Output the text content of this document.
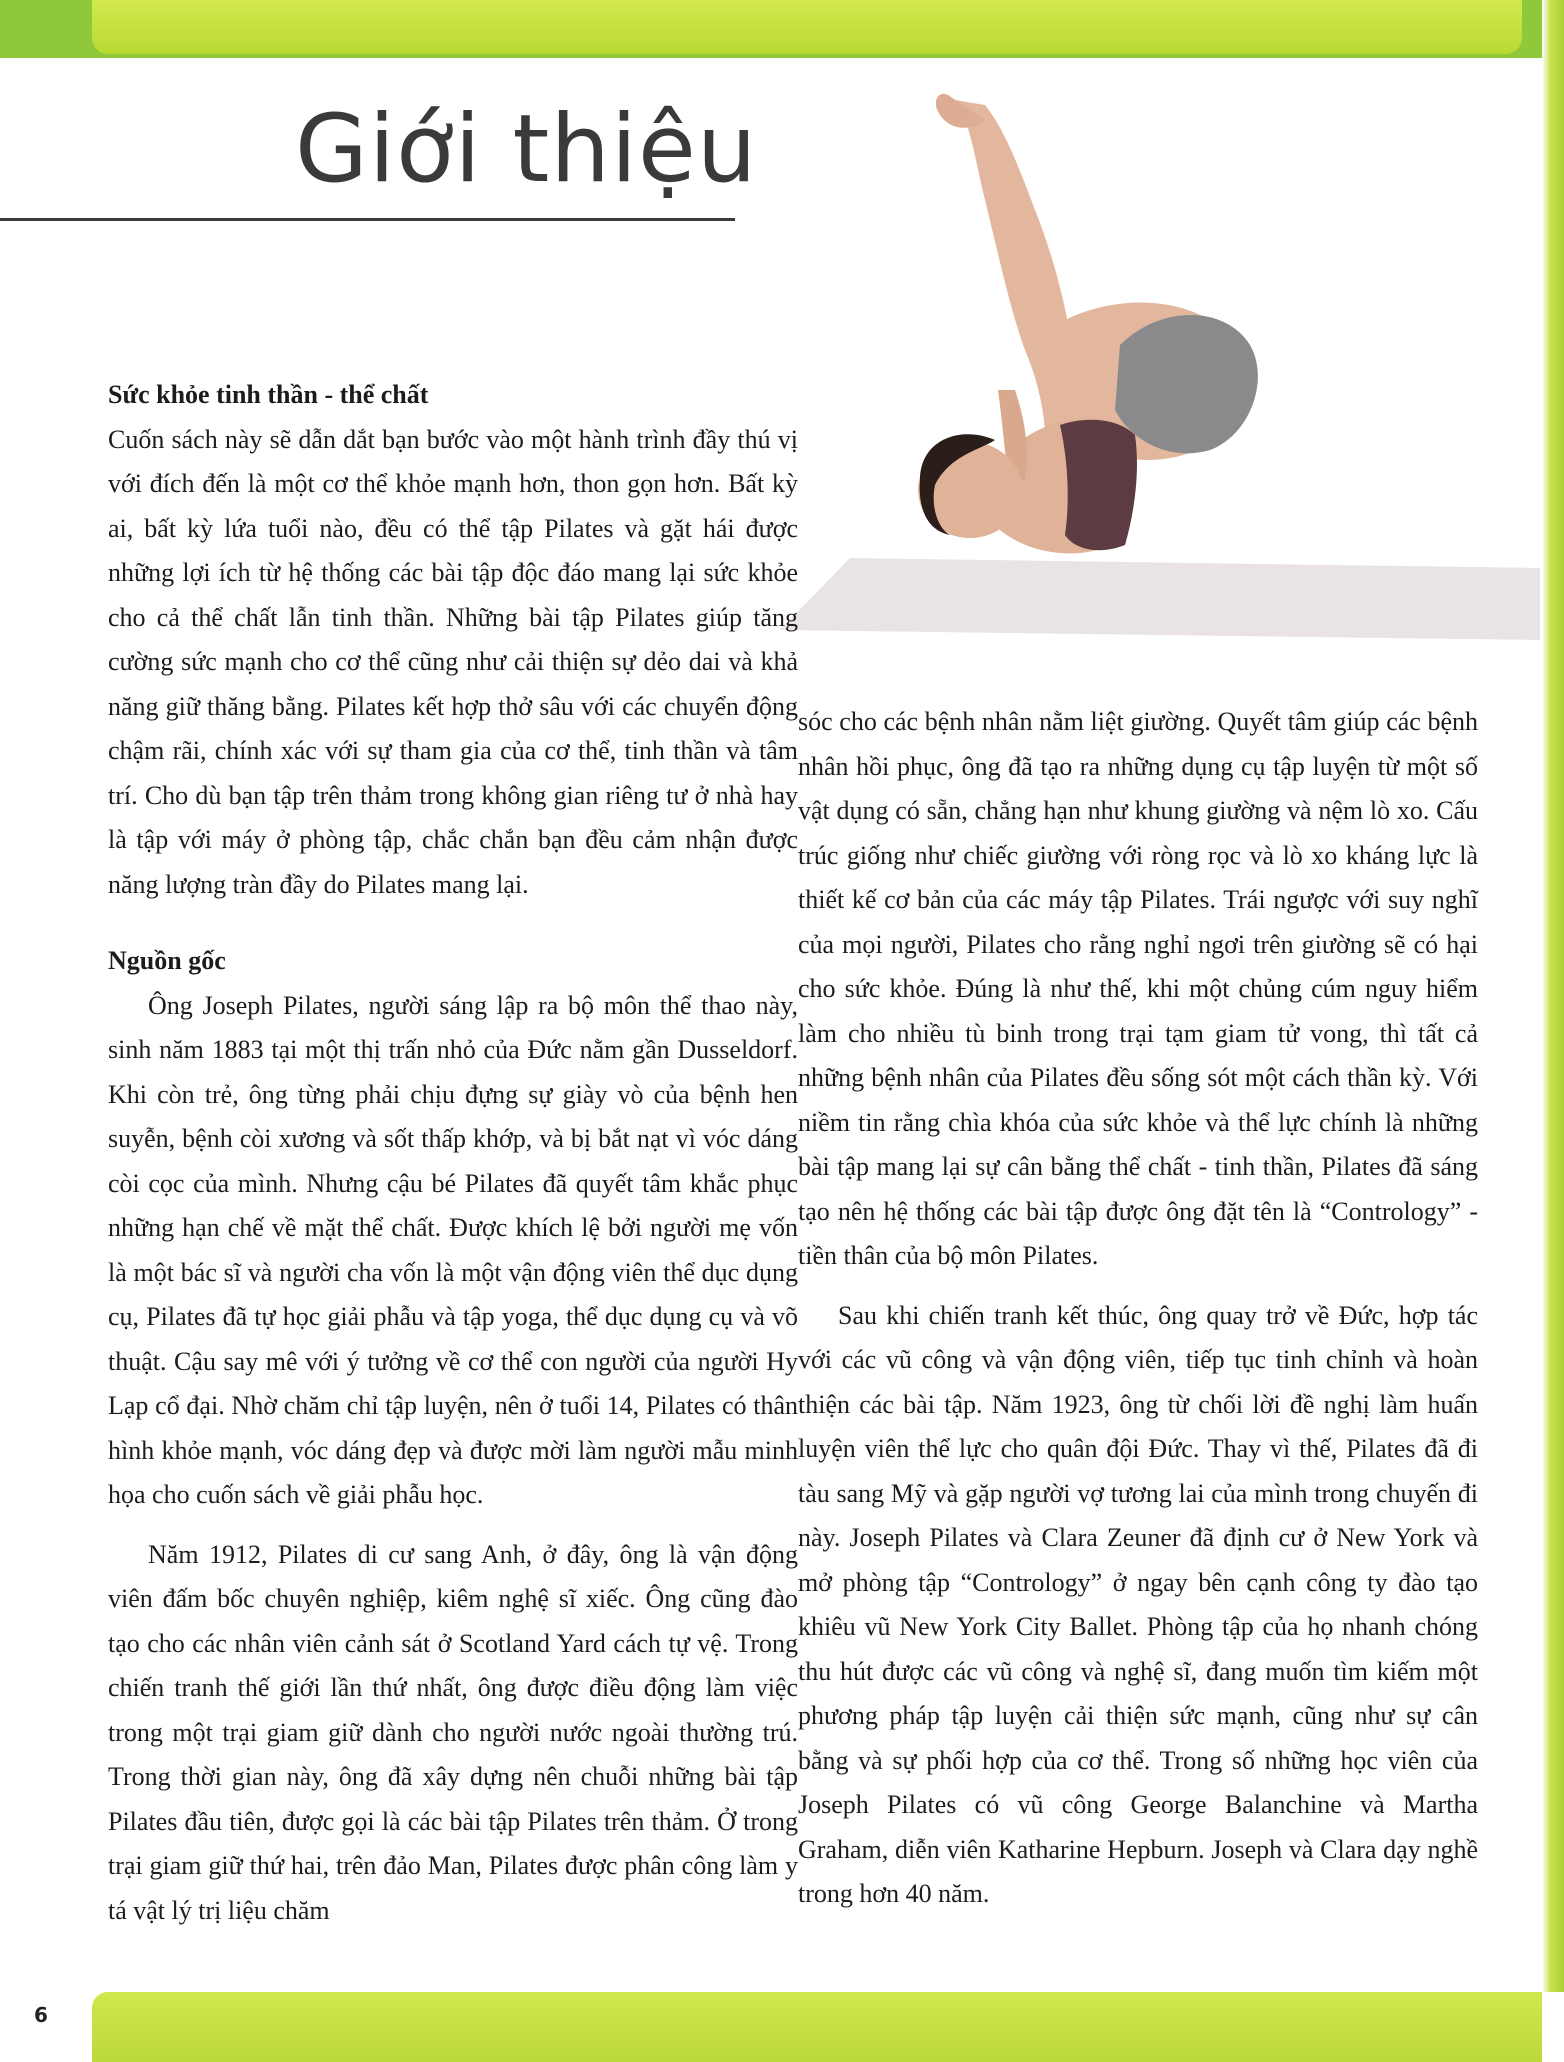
Giới thiệu
Sức khỏe tinh thần - thể chất

Cuốn sách này sẽ dẫn dắt bạn bước vào một hành trình đầy thú vị với đích đến là một cơ thể khỏe mạnh hơn, thon gọn hơn. Bất kỳ ai, bất kỳ lứa tuổi nào, đều có thể tập Pilates và gặt hái được những lợi ích từ hệ thống các bài tập độc đáo mang lại sức khỏe cho cả thể chất lẫn tinh thần. Những bài tập Pilates giúp tăng cường sức mạnh cho cơ thể cũng như cải thiện sự dẻo dai và khả năng giữ thăng bằng. Pilates kết hợp thở sâu với các chuyển động chậm rãi, chính xác với sự tham gia của cơ thể, tinh thần và tâm trí. Cho dù bạn tập trên thảm trong không gian riêng tư ở nhà hay là tập với máy ở phòng tập, chắc chắn bạn đều cảm nhận được năng lượng tràn đầy do Pilates mang lại.

Nguồn gốc

Ông Joseph Pilates, người sáng lập ra bộ môn thể thao này, sinh năm 1883 tại một thị trấn nhỏ của Đức nằm gần Dusseldorf. Khi còn trẻ, ông từng phải chịu đựng sự giày vò của bệnh hen suyễn, bệnh còi xương và sốt thấp khớp, và bị bắt nạt vì vóc dáng còi cọc của mình. Nhưng cậu bé Pilates đã quyết tâm khắc phục những hạn chế về mặt thể chất. Được khích lệ bởi người mẹ vốn là một bác sĩ và người cha vốn là một vận động viên thể dục dụng cụ, Pilates đã tự học giải phẫu và tập yoga, thể dục dụng cụ và võ thuật. Cậu say mê với ý tưởng về cơ thể con người của người Hy Lạp cổ đại. Nhờ chăm chỉ tập luyện, nên ở tuổi 14, Pilates có thân hình khỏe mạnh, vóc dáng đẹp và được mời làm người mẫu minh họa cho cuốn sách về giải phẫu học.

Năm 1912, Pilates di cư sang Anh, ở đây, ông là vận động viên đấm bốc chuyên nghiệp, kiêm nghệ sĩ xiếc. Ông cũng đào tạo cho các nhân viên cảnh sát ở Scotland Yard cách tự vệ. Trong chiến tranh thế giới lần thứ nhất, ông được điều động làm việc trong một trại giam giữ dành cho người nước ngoài thường trú. Trong thời gian này, ông đã xây dựng nên chuỗi những bài tập Pilates đầu tiên, được gọi là các bài tập Pilates trên thảm. Ở trong trại giam giữ thứ hai, trên đảo Man, Pilates được phân công làm y tá vật lý trị liệu chăm

sóc cho các bệnh nhân nằm liệt giường. Quyết tâm giúp các bệnh nhân hồi phục, ông đã tạo ra những dụng cụ tập luyện từ một số vật dụng có sẵn, chẳng hạn như khung giường và nệm lò xo. Cấu trúc giống như chiếc giường với ròng rọc và lò xo kháng lực là thiết kế cơ bản của các máy tập Pilates. Trái ngược với suy nghĩ của mọi người, Pilates cho rằng nghỉ ngơi trên giường sẽ có hại cho sức khỏe. Đúng là như thế, khi một chủng cúm nguy hiểm làm cho nhiều tù binh trong trại tạm giam tử vong, thì tất cả những bệnh nhân của Pilates đều sống sót một cách thần kỳ. Với niềm tin rằng chìa khóa của sức khỏe và thể lực chính là những bài tập mang lại sự cân bằng thể chất - tinh thần, Pilates đã sáng tạo nên hệ thống các bài tập được ông đặt tên là “Contrology” - tiền thân của bộ môn Pilates.

Sau khi chiến tranh kết thúc, ông quay trở về Đức, hợp tác với các vũ công và vận động viên, tiếp tục tinh chỉnh và hoàn thiện các bài tập. Năm 1923, ông từ chối lời đề nghị làm huấn luyện viên thể lực cho quân đội Đức. Thay vì thế, Pilates đã đi tàu sang Mỹ và gặp người vợ tương lai của mình trong chuyến đi này. Joseph Pilates và Clara Zeuner đã định cư ở New York và mở phòng tập “Contrology” ở ngay bên cạnh công ty đào tạo khiêu vũ New York City Ballet. Phòng tập của họ nhanh chóng thu hút được các vũ công và nghệ sĩ, đang muốn tìm kiếm một phương pháp tập luyện cải thiện sức mạnh, cũng như sự cân bằng và sự phối hợp của cơ thể. Trong số những học viên của Joseph Pilates có vũ công George Balanchine và Martha Graham, diễn viên Katharine Hepburn. Joseph và Clara dạy nghề trong hơn 40 năm.

6
